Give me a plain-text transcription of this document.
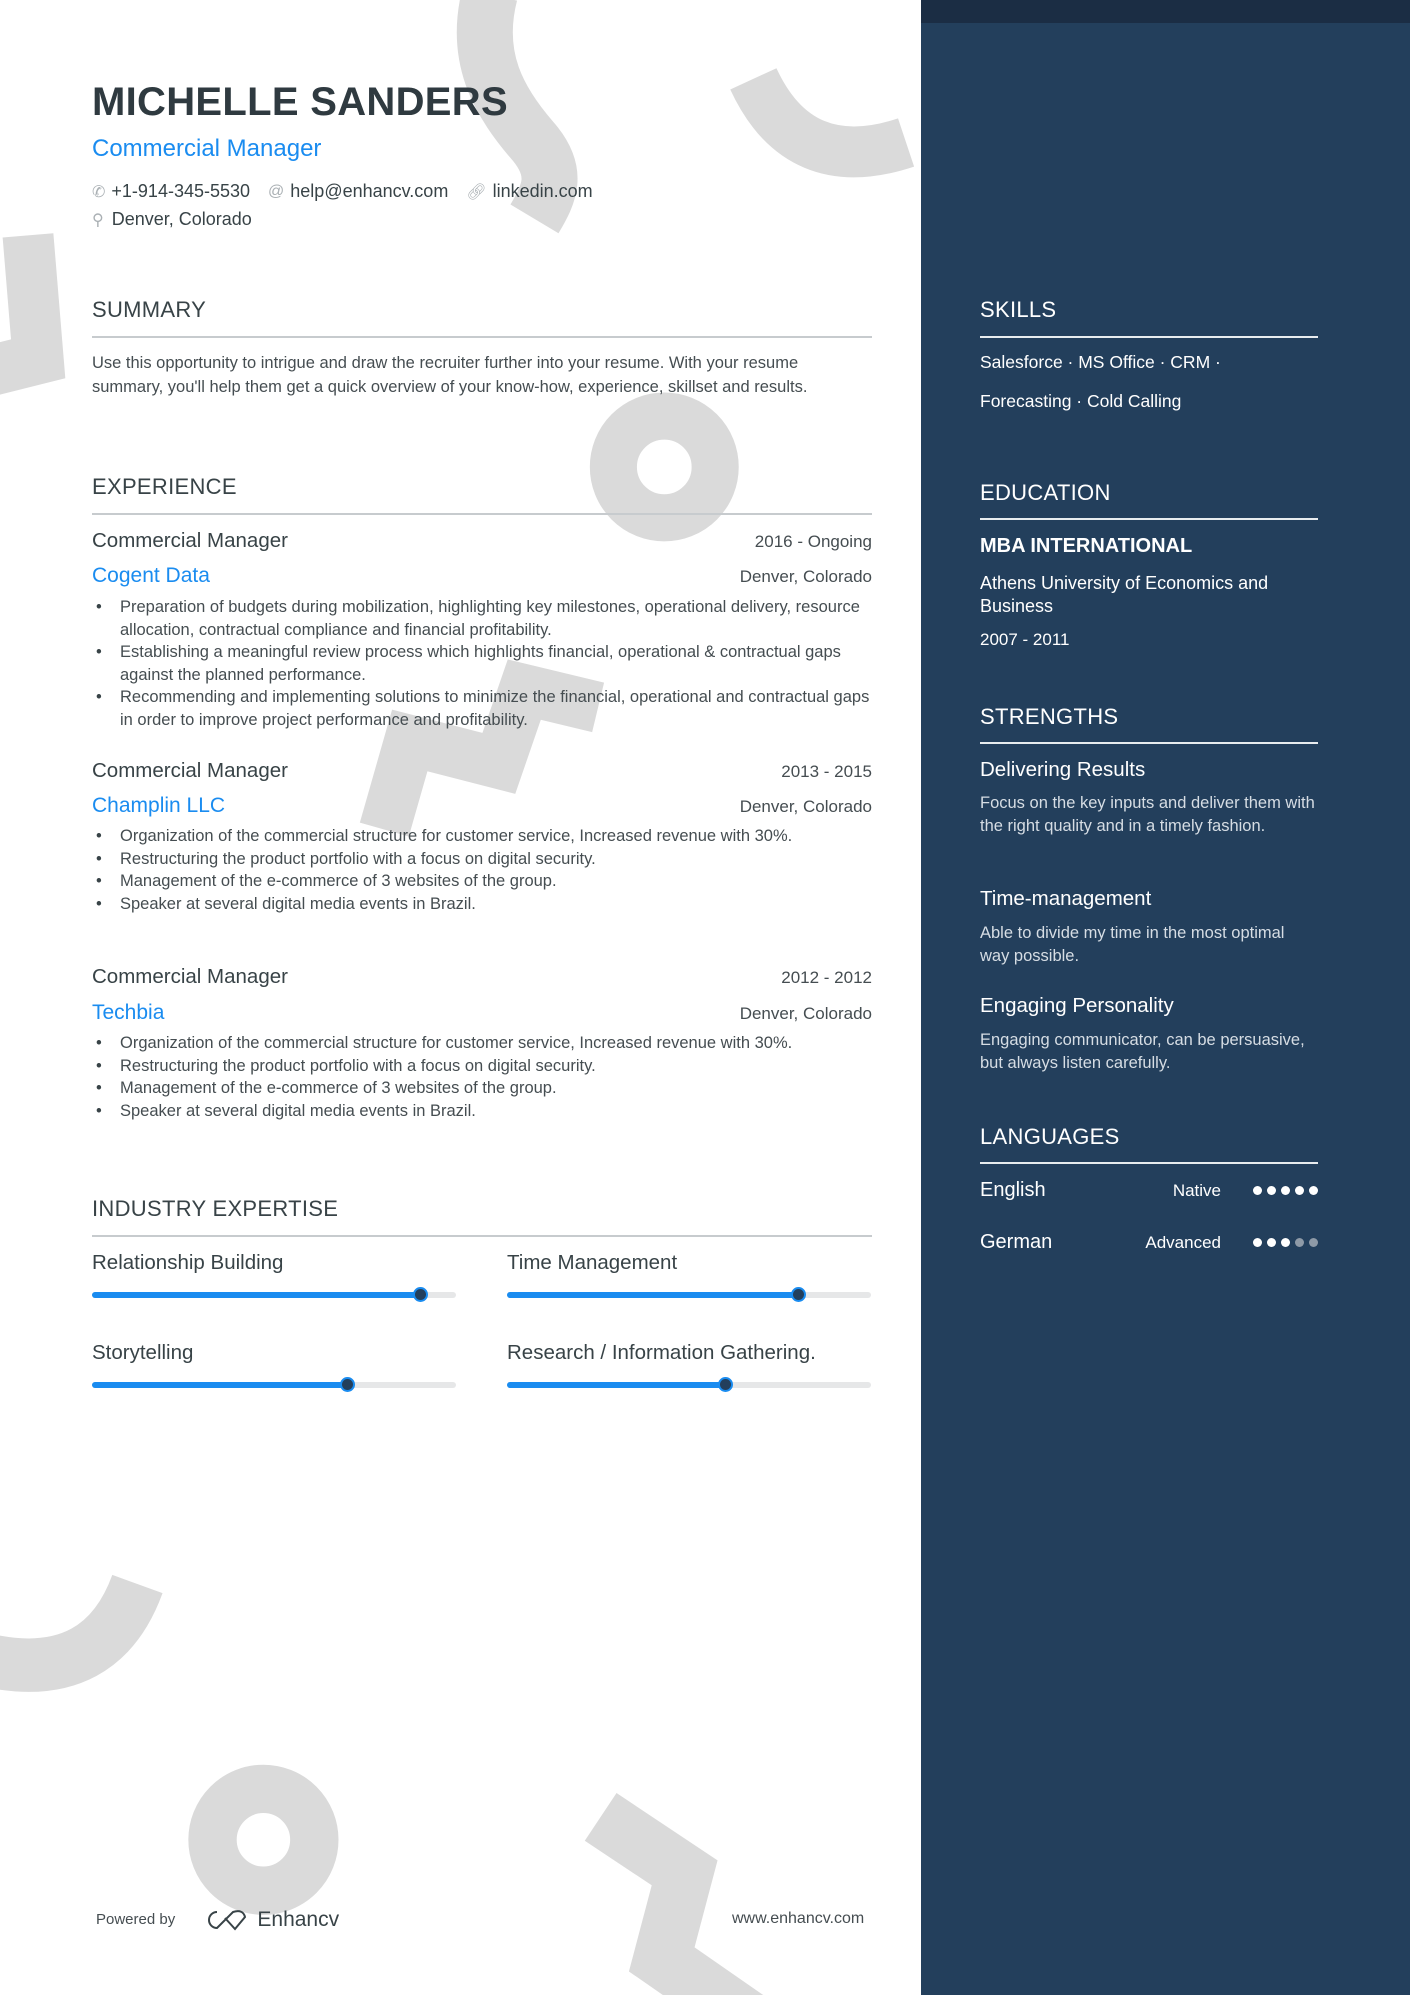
MICHELLE SANDERS
Commercial Manager
✆ +1-914-345-5530 @ help@enhancv.com 🔗︎ linkedin.com
⚲ Denver, Colorado
SUMMARY
Use this opportunity to intrigue and draw the recruiter further into your resume. With your resume summary, you'll help them get a quick overview of your know-how, experience, skillset and results.
EXPERIENCE
Commercial Manager	2016 - Ongoing
Cogent Data	Denver, Colorado
• Preparation of budgets during mobilization, highlighting key milestones, operational delivery, resource allocation, contractual compliance and financial profitability.
• Establishing a meaningful review process which highlights financial, operational & contractual gaps against the planned performance.
• Recommending and implementing solutions to minimize the financial, operational and contractual gaps in order to improve project performance and profitability.
Commercial Manager	2013 - 2015
Champlin LLC	Denver, Colorado
• Organization of the commercial structure for customer service, Increased revenue with 30%.
• Restructuring the product portfolio with a focus on digital security.
• Management of the e-commerce of 3 websites of the group.
• Speaker at several digital media events in Brazil.
Commercial Manager	2012 - 2012
Techbia	Denver, Colorado
• Organization of the commercial structure for customer service, Increased revenue with 30%.
• Restructuring the product portfolio with a focus on digital security.
• Management of the e-commerce of 3 websites of the group.
• Speaker at several digital media events in Brazil.
INDUSTRY EXPERTISE
Relationship Building	Time Management
Storytelling	Research / Information Gathering.
Powered by	Enhancv	www.enhancv.com
SKILLS
Salesforce · MS Office · CRM ·
Forecasting · Cold Calling
EDUCATION
MBA INTERNATIONAL
Athens University of Economics and Business
2007 - 2011
STRENGTHS
Delivering Results
Focus on the key inputs and deliver them with the right quality and in a timely fashion.
Time-management
Able to divide my time in the most optimal way possible.
Engaging Personality
Engaging communicator, can be persuasive, but always listen carefully.
LANGUAGES
English	Native
German	Advanced
